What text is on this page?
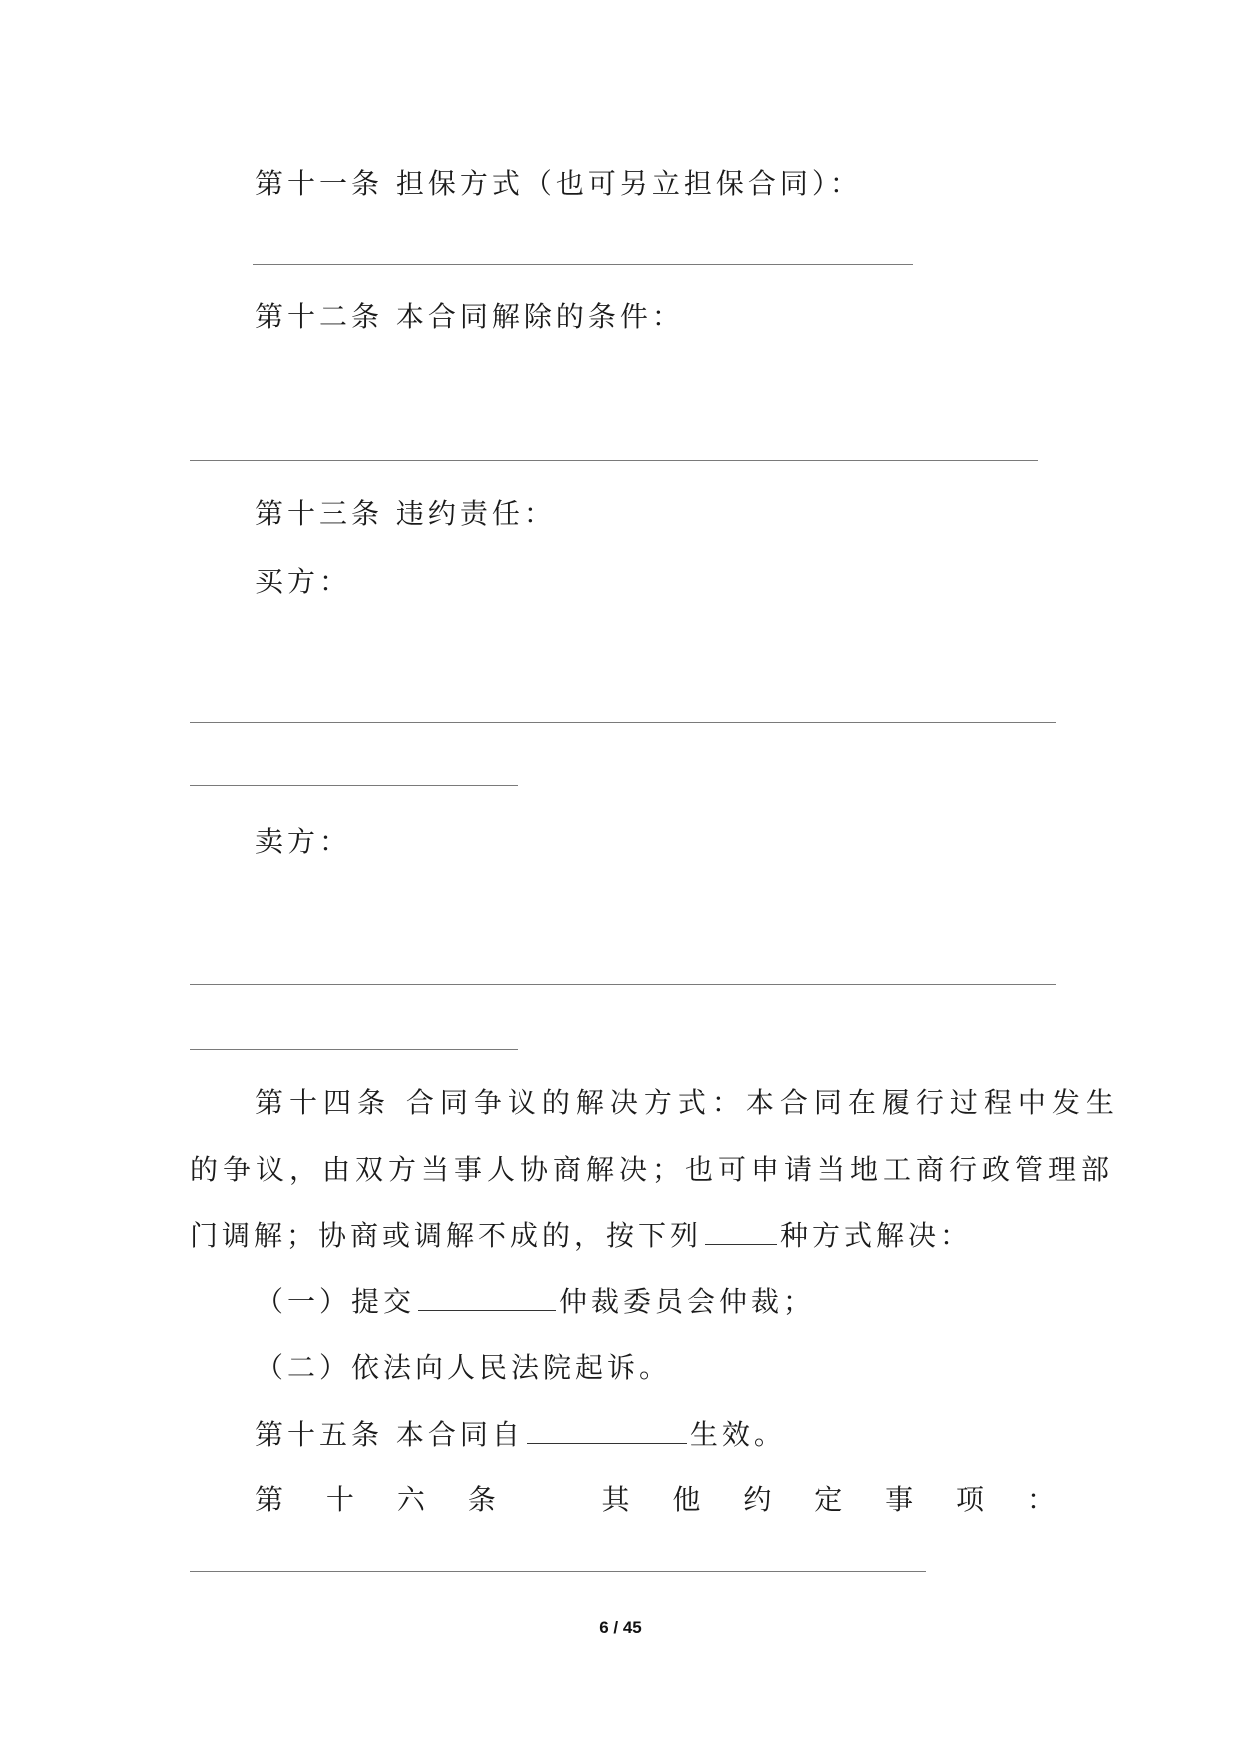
第十一条 担保方式（也可另立担保合同）：
第十二条 本合同解除的条件：
第十三条 违约责任：
买方：
卖方：
第十四条 合同争议的解决方式：本合同在履行过程中发生
的争议，由双方当事人协商解决；也可申请当地工商行政管理部
门调解；协商或调解不成的，按下列	种方式解决：
（一）提交	仲裁委员会仲裁；
（二）依法向人民法院起诉。
第十五条 本合同自	生效。
第 十 六 条	其 他 约 定 事 项 ：
6 / 45
